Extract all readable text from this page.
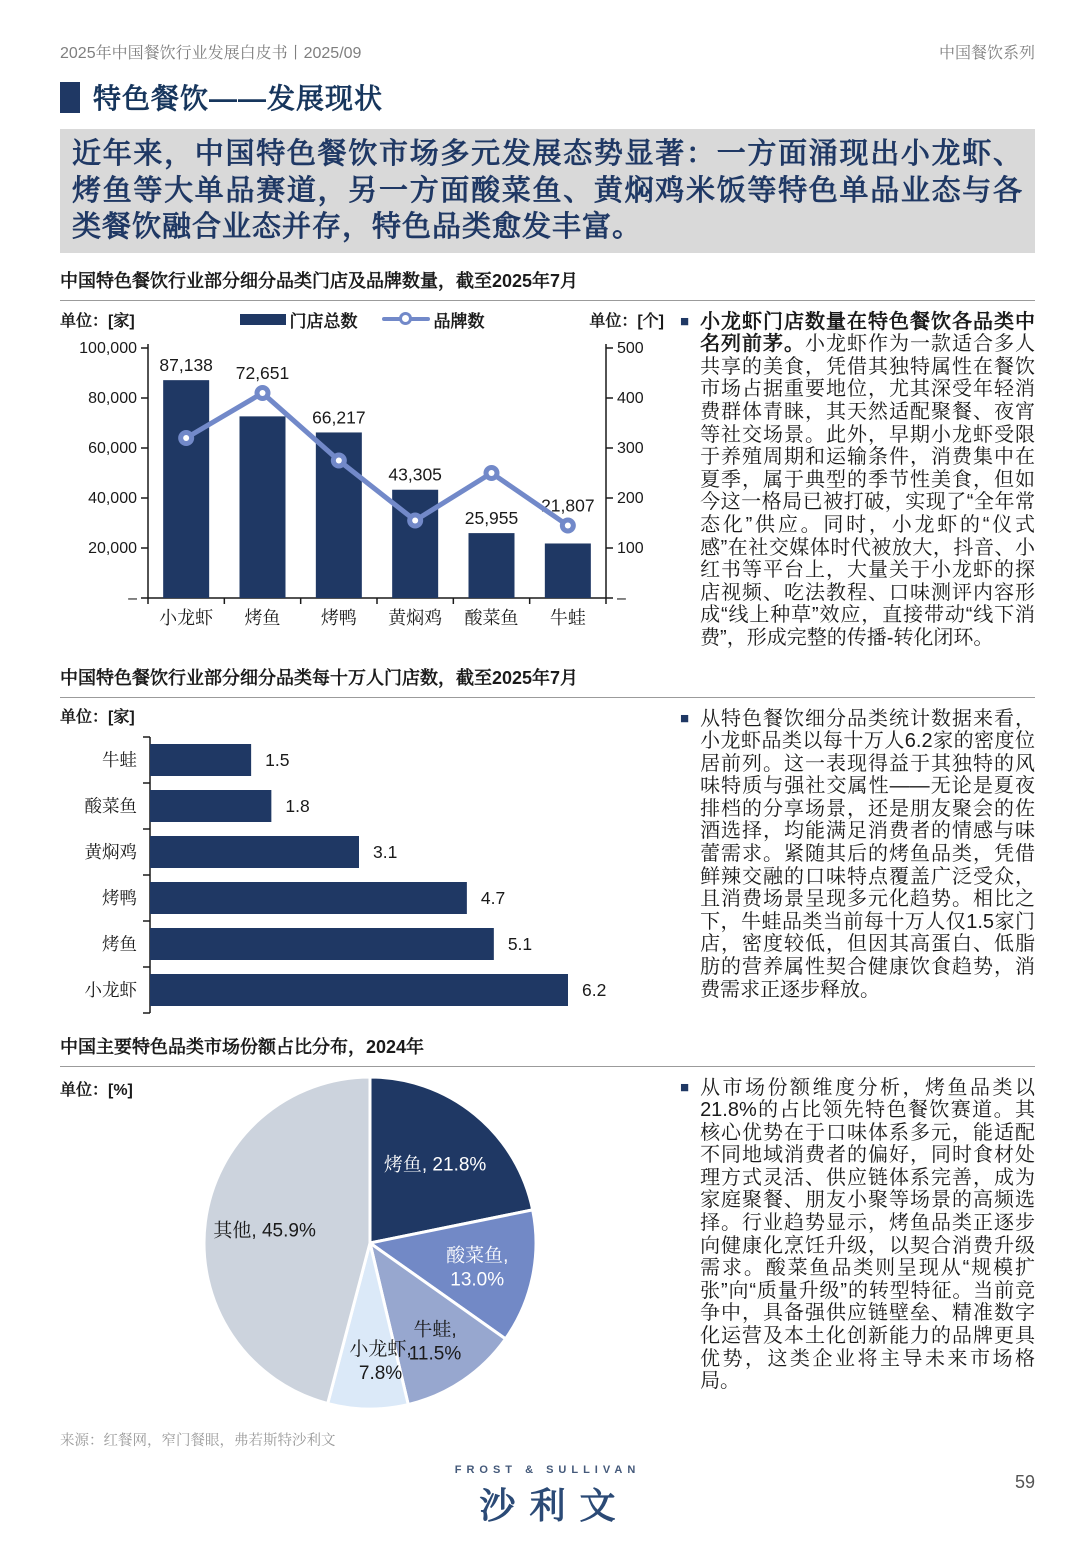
2025年中国餐饮行业发展白皮书丨2025/09	中国餐饮系列
特色餐饮——发展现状
近年来，中国特色餐饮市场多元发展态势显著：一方面涌现出小龙虾、烤鱼等大单品赛道，另一方面酸菜鱼、黄焖鸡米饭等特色单品业态与各类餐饮融合业态并存，特色品类愈发丰富。
中国特色餐饮行业部分细分品类门店及品牌数量，截至2025年7月
单位：[家]	门店总数	品牌数	单位：[个]
100,000
80,000
60,000
40,000
20,000
–
500
400
300
200
100
–
小龙虾
87,138
烤鱼
72,651
烤鸭
66,217
黄焖鸡
43,305
酸菜鱼
25,955
牛蛙
21,807
■ 小龙虾门店数量在特色餐饮各品类中名列前茅。小龙虾作为一款适合多人共享的美食，凭借其独特属性在餐饮市场占据重要地位，尤其深受年轻消费群体青睐，其天然适配聚餐、夜宵等社交场景。此外，早期小龙虾受限于养殖周期和运输条件，消费集中在夏季，属于典型的季节性美食，但如今这一格局已被打破，实现了“全年常态化”供应。同时，小龙虾的“仪式感”在社交媒体时代被放大，抖音、小红书等平台上，大量关于小龙虾的探店视频、吃法教程、口味测评内容形成“线上种草”效应，直接带动“线下消费”，形成完整的传播-转化闭环。
中国特色餐饮行业部分细分品类每十万人门店数，截至2025年7月
单位：[家]
牛蛙	1.5
酸菜鱼	1.8
黄焖鸡	3.1
烤鸭	4.7
烤鱼	5.1
小龙虾	6.2
■ 从特色餐饮细分品类统计数据来看，小龙虾品类以每十万人6.2家的密度位居前列。这一表现得益于其独特的风味特质与强社交属性——无论是夏夜排档的分享场景，还是朋友聚会的佐酒选择，均能满足消费者的情感与味蕾需求。紧随其后的烤鱼品类，凭借鲜辣交融的口味特点覆盖广泛受众，且消费场景呈现多元化趋势。相比之下，牛蛙品类当前每十万人仅1.5家门店，密度较低，但因其高蛋白、低脂肪的营养属性契合健康饮食趋势，消费需求正逐步释放。
中国主要特色品类市场份额占比分布，2024年
单位：[%]
烤鱼, 21.8%
酸菜鱼,
13.0%
牛蛙,
11.5%
小龙虾,
7.8%
其他, 45.9%
■ 从市场份额维度分析，烤鱼品类以21.8%的占比领先特色餐饮赛道。其核心优势在于口味体系多元，能适配不同地域消费者的偏好，同时食材处理方式灵活、供应链体系完善，成为家庭聚餐、朋友小聚等场景的高频选择。行业趋势显示，烤鱼品类正逐步向健康化烹饪升级，以契合消费升级需求。酸菜鱼品类则呈现从“规模扩张”向“质量升级”的转型特征。当前竞争中，具备强供应链壁垒、精准数字化运营及本土化创新能力的品牌更具优势，这类企业将主导未来市场格局。
来源：红餐网，窄门餐眼，弗若斯特沙利文
FROST & SULLIVAN
沙利文
59
